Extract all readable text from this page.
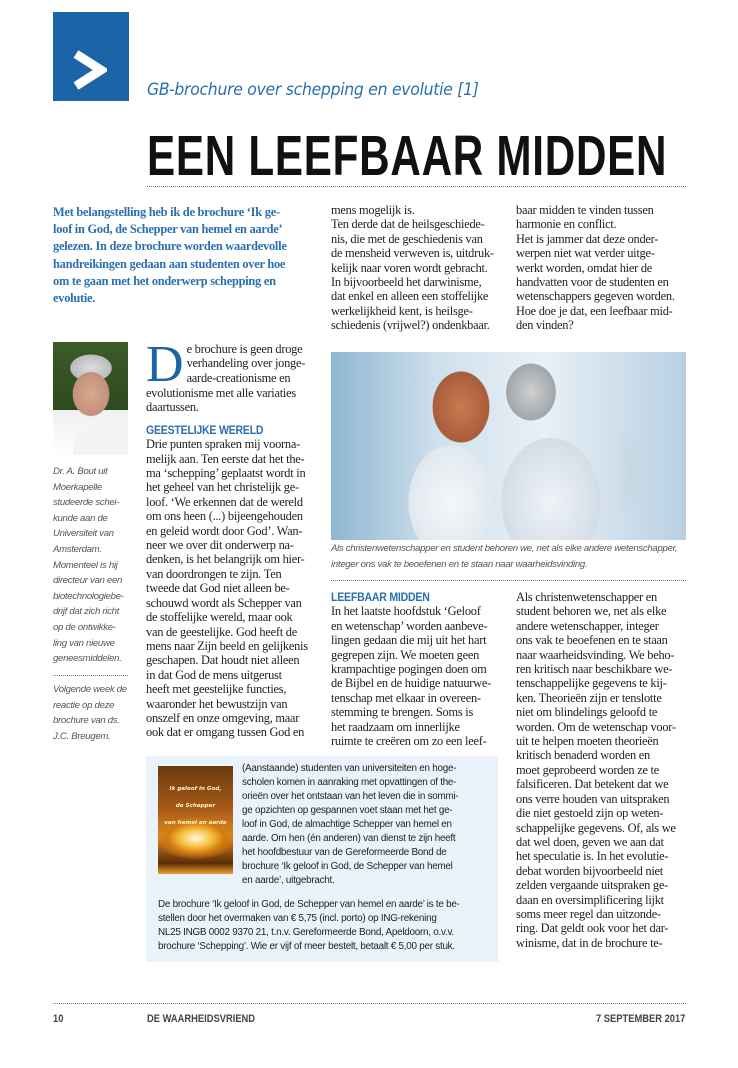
GB-brochure over schepping en evolutie [1]
EEN LEEFBAAR MIDDEN
Met belangstelling heb ik de brochure ‘Ik ge-
loof in God, de Schepper van hemel en aarde’
gelezen. In deze brochure worden waardevolle
handreikingen gedaan aan studenten over hoe
om te gaan met het onderwerp schepping en
evolutie.
Dr. A. Bout uit
Moerkapelle
studeerde schei-
kunde aan de
Universiteit van
Amsterdam.
Momenteel is hij
directeur van een
biotechnologiebe-
drijf dat zich richt
op de ontwikke-
ling van nieuwe
geneesmiddelen.
Volgende week de
reactie op deze
brochure van ds.
J.C. Breugem.
D e brochure is geen droge
verhandeling over jonge-
aarde-creationisme en
evolutionisme met alle variaties
daartussen.
GEESTELIJKE WERELD
Drie punten spraken mij voorna-
melijk aan. Ten eerste dat het the-
ma ‘schepping’ geplaatst wordt in
het geheel van het christelijk ge-
loof. ‘We erkennen dat de wereld
om ons heen (...) bijeengehouden
en geleid wordt door God’. Wan-
neer we over dit onderwerp na-
denken, is het belangrijk om hier-
van doordrongen te zijn. Ten
tweede dat God niet alleen be-
schouwd wordt als Schepper van
de stoffelijke wereld, maar ook
van de geestelijke. God heeft de
mens naar Zijn beeld en gelijkenis
geschapen. Dat houdt niet alleen
in dat God de mens uitgerust
heeft met geestelijke functies,
waaronder het bewustzijn van
onszelf en onze omgeving, maar
ook dat er omgang tussen God en
mens mogelijk is.
Ten derde dat de heilsgeschiede-
nis, die met de geschiedenis van
de mensheid verweven is, uitdruk-
kelijk naar voren wordt gebracht.
In bijvoorbeeld het darwinisme,
dat enkel en alleen een stoffelijke
werkelijkheid kent, is heilsge-
schiedenis (vrijwel?) ondenkbaar.
baar midden te vinden tussen
harmonie en conflict.
Het is jammer dat deze onder-
werpen niet wat verder uitge-
werkt worden, omdat hier de
handvatten voor de studenten en
wetenschappers gegeven worden.
Hoe doe je dat, een leefbaar mid-
den vinden?
Als christenwetenschapper en student behoren we, net als elke andere wetenschapper,
integer ons vak te beoefenen en te staan naar waarheidsvinding.
LEEFBAAR MIDDEN
In het laatste hoofdstuk ‘Geloof
en wetenschap’ worden aanbeve-
lingen gedaan die mij uit het hart
gegrepen zijn. We moeten geen
krampachtige pogingen doen om
de Bijbel en de huidige natuurwe-
tenschap met elkaar in overeen-
stemming te brengen. Soms is
het raadzaam om innerlijke
ruimte te creëren om zo een leef-
Als christenwetenschapper en
student behoren we, net als elke
andere wetenschapper, integer
ons vak te beoefenen en te staan
naar waarheidsvinding. We beho-
ren kritisch naar beschikbare we-
tenschappelijke gegevens te kij-
ken. Theorieën zijn er tenslotte
niet om blindelings geloofd te
worden. Om de wetenschap voor-
uit te helpen moeten theorieën
kritisch benaderd worden en
moet geprobeerd worden ze te
falsificeren. Dat betekent dat we
ons verre houden van uitspraken
die niet gestoeld zijn op weten-
schappelijke gegevens. Of, als we
dat wel doen, geven we aan dat
het speculatie is. In het evolutie-
debat worden bijvoorbeeld niet
zelden vergaande uitspraken ge-
daan en oversimplificering lijkt
soms meer regel dan uitzonde-
ring. Dat geldt ook voor het dar-
winisme, dat in de brochure te-
Ik geloof in God,
de Schepper
van hemel en aarde
(Aanstaande) studenten van universiteiten en hoge-
scholen komen in aanraking met opvattingen of the-
orieën over het ontstaan van het leven die in sommi-
ge opzichten op gespannen voet staan met het ge-
loof in God, de almachtige Schepper van hemel en
aarde. Om hen (én anderen) van dienst te zijn heeft
het hoofdbestuur van de Gereformeerde Bond de
brochure ‘Ik geloof in God, de Schepper van hemel
en aarde’, uitgebracht.
De brochure ‘Ik geloof in God, de Schepper van hemel en aarde’ is te be-
stellen door het overmaken van € 5,75 (incl. porto) op ING-rekening
NL25 INGB 0002 9370 21, t.n.v. Gereformeerde Bond, Apeldoorn, o.v.v.
brochure ‘Schepping’. Wie er vijf of meer bestelt, betaalt € 5,00 per stuk.
10	DE WAARHEIDSVRIEND	7 SEPTEMBER 2017
